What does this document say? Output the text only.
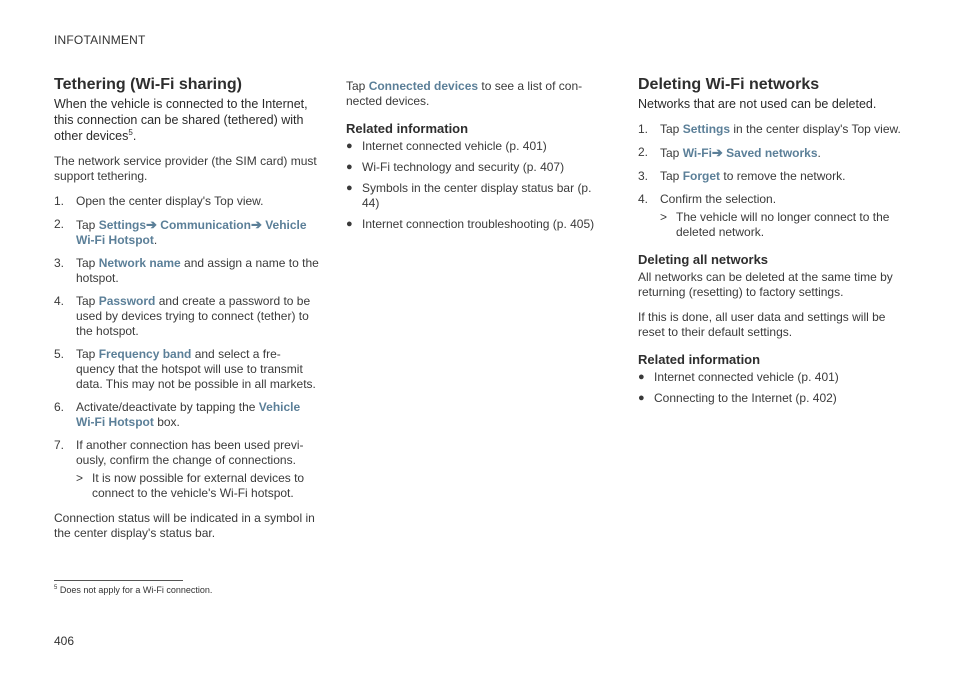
INFOTAINMENT
Tethering (Wi-Fi sharing)

When the vehicle is connected to the Internet, this connection can be shared (tethered) with other devices$^5$.

The network service provider (the SIM card) must support tethering.

1. Open the center display's Top view.
2. Tap Settings➔ Communication➔ Vehicle Wi-Fi Hotspot.
3. Tap Network name and assign a name to the hotspot.
4. Tap Password and create a password to be used by devices trying to connect (tether) to the hotspot.
5. Tap Frequency band and select a fre- quency that the hotspot will use to transmit data. This may not be possible in all markets.
6. Activate/deactivate by tapping the Vehicle Wi-Fi Hotspot box.
7. If another connection has been used previ- ously, confirm the change of connections.
> It is now possible for external devices to connect to the vehicle's Wi-Fi hotspot.

Connection status will be indicated in a symbol in the center display's status bar.

Tap Connected devices to see a list of con- nected devices.

Related information
● Internet connected vehicle (p. 401)
● Wi-Fi technology and security (p. 407)
● Symbols in the center display status bar (p. 44)
● Internet connection troubleshooting (p. 405)
Deleting Wi-Fi networks

Networks that are not used can be deleted.

1. Tap Settings in the center display's Top view.
2. Tap Wi-Fi➔ Saved networks.
3. Tap Forget to remove the network.
4. Confirm the selection.
> The vehicle will no longer connect to the deleted network.
Deleting all networks

All networks can be deleted at the same time by returning (resetting) to factory settings.

If this is done, all user data and settings will be reset to their default settings.

Related information
● Internet connected vehicle (p. 401)
● Connecting to the Internet (p. 402)
$^5$ Does not apply for a Wi-Fi connection.
406
